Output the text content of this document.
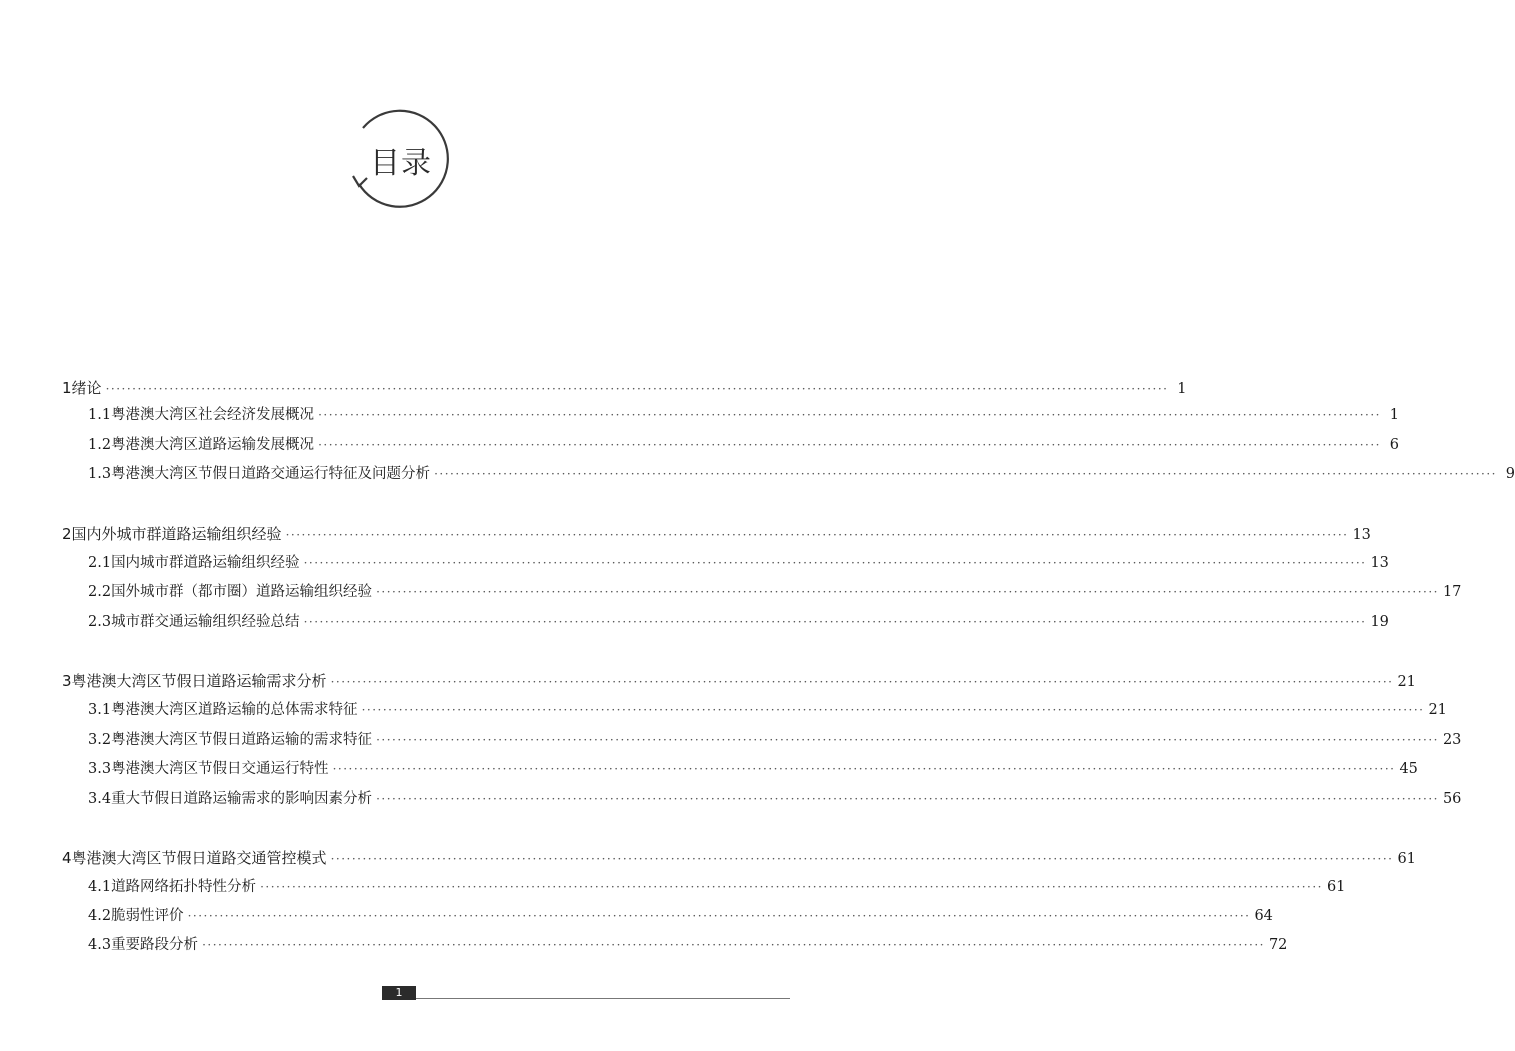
目录
1 绪论 ········································································································································································································ 1
1.1 粤港澳大湾区社会经济发展概况 ········································································································································································································ 1
1.2 粤港澳大湾区道路运输发展概况 ········································································································································································································ 6
1.3 粤港澳大湾区节假日道路交通运行特征及问题分析 ········································································································································································································ 9
2 国内外城市群道路运输组织经验 ········································································································································································································ 13
2.1 国内城市群道路运输组织经验 ········································································································································································································ 13
2.2 国外城市群（都市圈）道路运输组织经验 ········································································································································································································ 17
2.3 城市群交通运输组织经验总结 ········································································································································································································ 19
3 粤港澳大湾区节假日道路运输需求分析 ········································································································································································································ 21
3.1 粤港澳大湾区道路运输的总体需求特征 ········································································································································································································ 21
3.2 粤港澳大湾区节假日道路运输的需求特征 ········································································································································································································ 23
3.3 粤港澳大湾区节假日交通运行特性 ········································································································································································································ 45
3.4 重大节假日道路运输需求的影响因素分析 ········································································································································································································ 56
4 粤港澳大湾区节假日道路交通管控模式 ········································································································································································································ 61
4.1 道路网络拓扑特性分析 ········································································································································································································ 61
4.2 脆弱性评价 ········································································································································································································ 64
4.3 重要路段分析 ········································································································································································································ 72
1
